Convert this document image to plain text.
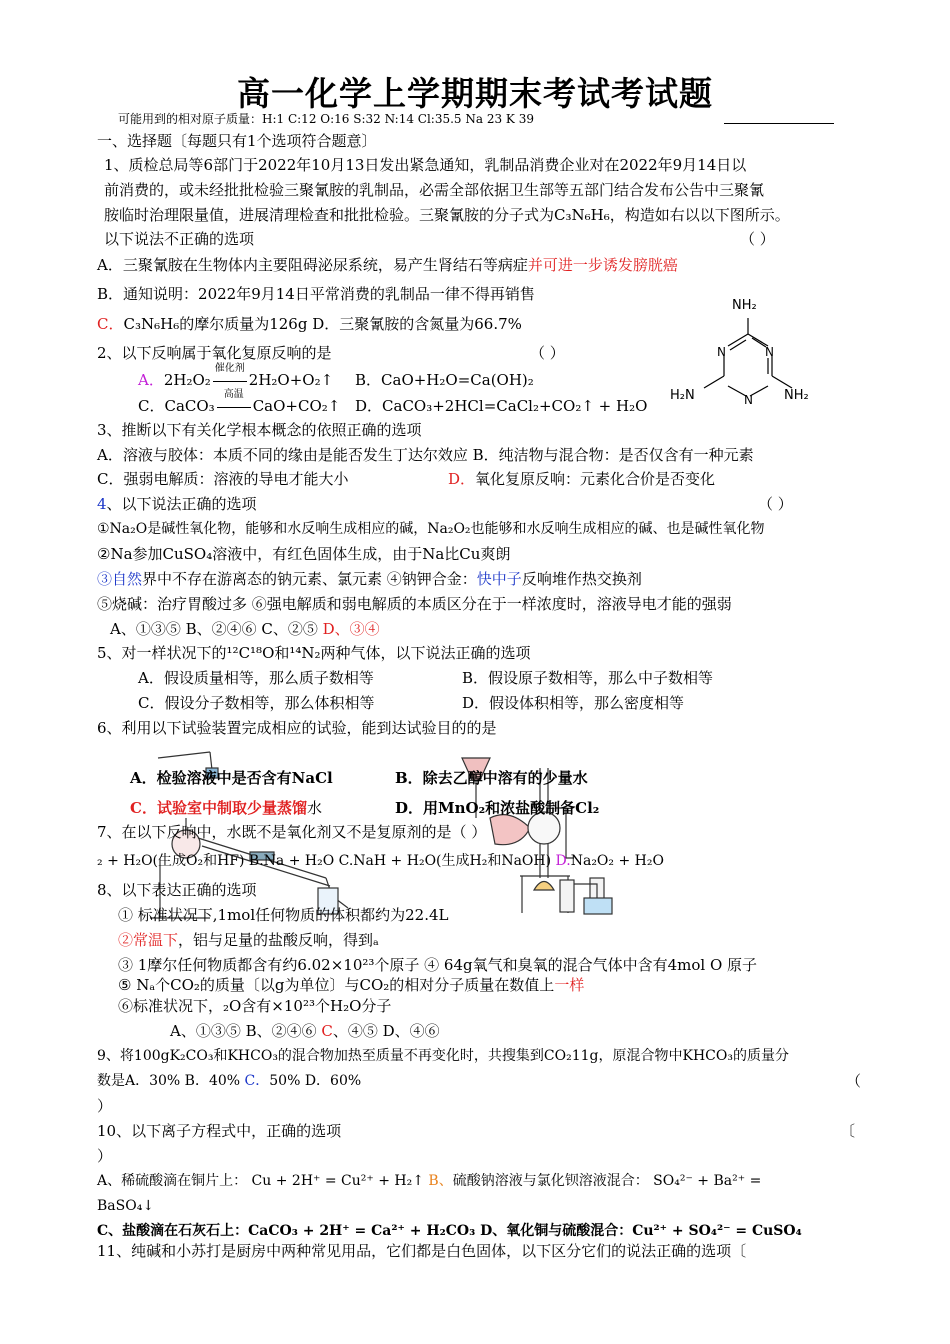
高一化学上学期期末考试考试题
可能用到的相对原子质量：H:1 C:12 O:16 S:32 N:14 Cl:35.5 Na 23 K 39
一、选择题〔每题只有1个选项符合题意〕
1、质检总局等6部门于2022年10月13日发出紧急通知，乳制品消费企业对在2022年9月14日以
前消费的，或未经批批检验三聚氰胺的乳制品，必需全部依据卫生部等五部门结合发布公告中三聚氰
胺临时治理限量值，进展清理检查和批批检验。三聚氰胺的分子式为C₃N₆H₆，构造如右以以下图所示。
以下说法不正确的选项	（ ）
A．三聚氰胺在生物体内主要阻碍泌尿系统，易产生肾结石等病症并可进一步诱发膀胱癌
B．通知说明：2022年9月14日平常消费的乳制品一律不得再销售
C．C₃N₆H₆的摩尔质量为126g D．三聚氰胺的含氮量为66.7%
NH₂
N
N
N
H₂N	NH₂
2、以下反响属于氧化复原反响的是	（ ）
A．2H₂O₂
催化剂
2H₂O+O₂↑ B．CaO+H₂O=Ca(OH)₂
C．CaCO₃
高温
CaO+CO₂↑ D．CaCO₃+2HCl=CaCl₂+CO₂↑ + H₂O
3、推断以下有关化学根本概念的依照正确的选项
A．溶液与胶体：本质不同的缘由是能否发生丁达尔效应 B．纯洁物与混合物：是否仅含有一种元素
C．强弱电解质：溶液的导电才能大小	D．氧化复原反响：元素化合价是否变化
4、以下说法正确的选项	（ ）
①Na₂O是碱性氧化物，能够和水反响生成相应的碱，Na₂O₂也能够和水反响生成相应的碱、也是碱性氧化物
②Na参加CuSO₄溶液中，有红色固体生成，由于Na比Cu爽朗
③自然界中不存在游离态的钠元素、氯元素 ④钠钾合金：快中子反响堆作热交换剂
⑤烧碱：治疗胃酸过多 ⑥强电解质和弱电解质的本质区分在于一样浓度时，溶液导电才能的强弱
A、①③⑤ B、②④⑥ C、②⑤ D、③④
5、对一样状况下的¹²C¹⁸O和¹⁴N₂两种气体，以下说法正确的选项
A．假设质量相等，那么质子数相等	B．假设原子数相等，那么中子数相等
C．假设分子数相等，那么体积相等	D．假设体积相等，那么密度相等
6、利用以下试验装置完成相应的试验，能到达试验目的的是
A．检验溶液中是否含有NaCl	B．除去乙醇中溶有的少量水
C．试验室中制取少量蒸馏水	D．用MnO₂和浓盐酸制备Cl₂
7、在以下反响中，水既不是氧化剂又不是复原剂的是（ ）
₂ + H₂O(生成O₂和HF) B.Na + H₂O C.NaH + H₂O(生成H₂和NaOH) D.Na₂O₂ + H₂O
8、以下表达正确的选项
① 标准状况下,1mol任何物质的体积都约为22.4L
②常温下，铝与足量的盐酸反响，得到ₐ
③ 1摩尔任何物质都含有约6.02×10²³个原子 ④ 64g氧气和臭氧的混合气体中含有4mol O 原子
⑤ Nₐ个CO₂的质量〔以g为单位〕与CO₂的相对分子质量在数值上一样
⑥标准状况下，₂O含有×10²³个H₂O分子
A、①③⑤ B、②④⑥ C、④⑤ D、④⑥
9、将100gK₂CO₃和KHCO₃的混合物加热至质量不再变化时，共搜集到CO₂11g，原混合物中KHCO₃的质量分
数是A．30% B．40% C．50% D．60%	（
）
10、以下离子方程式中，正确的选项	〔
）
A、稀硫酸滴在铜片上： Cu + 2H⁺ = Cu²⁺ + H₂↑ B、硫酸钠溶液与氯化钡溶液混合： SO₄²⁻ + Ba²⁺ =
BaSO₄↓
C、盐酸滴在石灰石上：CaCO₃ + 2H⁺ = Ca²⁺ + H₂CO₃ D、氧化铜与硫酸混合：Cu²⁺ + SO₄²⁻ = CuSO₄
11、纯碱和小苏打是厨房中两种常见用品，它们都是白色固体，以下区分它们的说法正确的选项〔
